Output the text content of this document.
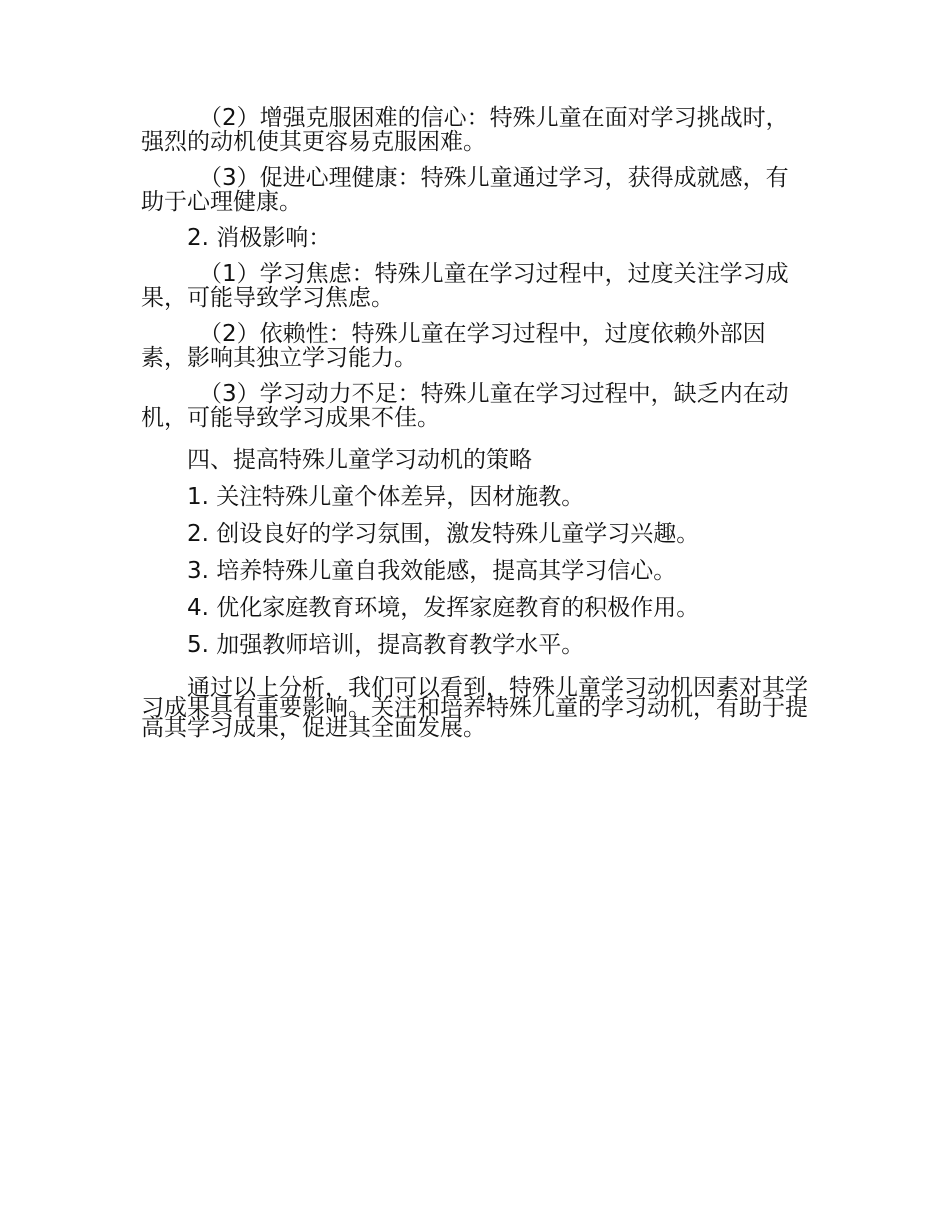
（2）增强克服困难的信心：特殊儿童在面对学习挑战时，强烈的动机使其更容易克服困难。

（3）促进心理健康：特殊儿童通过学习，获得成就感，有助于心理健康。

2. 消极影响：

（1）学习焦虑：特殊儿童在学习过程中，过度关注学习成果，可能导致学习焦虑。

（2）依赖性：特殊儿童在学习过程中，过度依赖外部因素，影响其独立学习能力。

（3）学习动力不足：特殊儿童在学习过程中，缺乏内在动机，可能导致学习成果不佳。

四、提高特殊儿童学习动机的策略

1. 关注特殊儿童个体差异，因材施教。

2. 创设良好的学习氛围，激发特殊儿童学习兴趣。

3. 培养特殊儿童自我效能感，提高其学习信心。

4. 优化家庭教育环境，发挥家庭教育的积极作用。

5. 加强教师培训，提高教育教学水平。

通过以上分析，我们可以看到，特殊儿童学习动机因素对其学习成果具有重要影响。关注和培养特殊儿童的学习动机，有助于提高其学习成果，促进其全面发展。
